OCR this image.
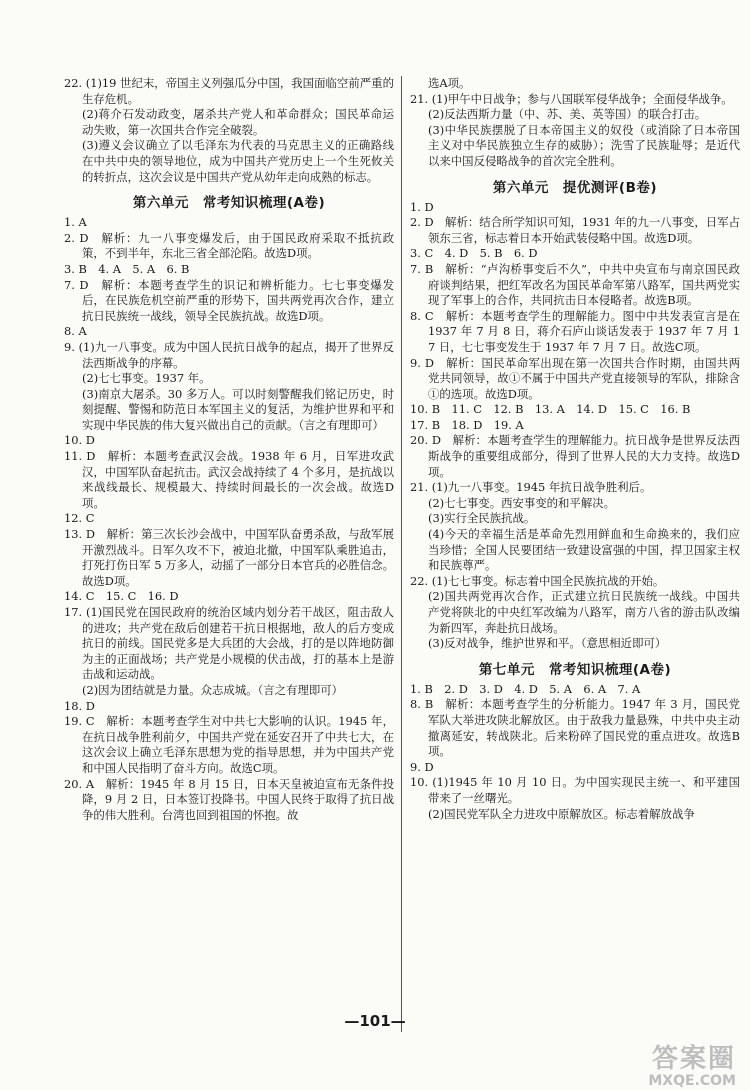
22. (1)19 世纪末，帝国主义列强瓜分中国，我国面临空前严重的生存危机。

(2)蒋介石发动政变，屠杀共产党人和革命群众；国民革命运动失败，第一次国共合作完全破裂。

(3)遵义会议确立了以毛泽东为代表的马克思主义的正确路线在中共中央的领导地位，成为中国共产党历史上一个生死攸关的转折点，这次会议是中国共产党从幼年走向成熟的标志。

第六单元　常考知识梳理(A卷)

1. A

2. D　解析：九一八事变爆发后，由于国民政府采取不抵抗政策，不到半年，东北三省全部沦陷。故选D项。

3. B　4. A　5. A　6. B

7. D　解析：本题考查学生的识记和辨析能力。七七事变爆发后，在民族危机空前严重的形势下，国共两党再次合作，建立抗日民族统一战线，领导全民族抗战。故选D项。

8. A

9. (1)九一八事变。成为中国人民抗日战争的起点，揭开了世界反法西斯战争的序幕。

(2)七七事变。1937 年。

(3)南京大屠杀。30 多万人。可以时刻警醒我们铭记历史，时刻提醒、警惕和防范日本军国主义的复活，为维护世界和平和实现中华民族的伟大复兴做出自己的贡献。（言之有理即可）

10. D

11. D　解析：本题考查武汉会战。1938 年 6 月，日军进攻武汉，中国军队奋起抗击。武汉会战持续了 4 个多月，是抗战以来战线最长、规模最大、持续时间最长的一次会战。故选D项。

12. C

13. D　解析：第三次长沙会战中，中国军队奋勇杀敌，与敌军展开激烈战斗。日军久攻不下，被迫北撤，中国军队乘胜追击，打死打伤日军 5 万多人，动摇了一部分日本官兵的必胜信念。故选D项。

14. C　15. C　16. D

17. (1)国民党在国民政府的统治区域内划分若干战区，阻击敌人的进攻；共产党在敌后创建若干抗日根据地，敌人的后方变成抗日的前线。国民党多是大兵团的大会战，打的是以阵地防御为主的正面战场；共产党是小规模的伏击战，打的基本上是游击战和运动战。

(2)因为团结就是力量。众志成城。（言之有理即可）

18. D

19. C　解析：本题考查学生对中共七大影响的认识。1945 年，在抗日战争胜利前夕，中国共产党在延安召开了中共七大，在这次会议上确立毛泽东思想为党的指导思想，并为中国共产党和中国人民指明了奋斗方向。故选C项。

20. A　解析：1945 年 8 月 15 日，日本天皇被迫宣布无条件投降，9 月 2 日，日本签订投降书。中国人民终于取得了抗日战争的伟大胜利。台湾也回到祖国的怀抱。故

选A项。

21. (1)甲午中日战争；参与八国联军侵华战争；全面侵华战争。

(2)反法西斯力量（中、苏、美、英等国）的联合打击。

(3)中华民族摆脱了日本帝国主义的奴役（或消除了日本帝国主义对中华民族独立生存的威胁）；洗雪了民族耻辱；是近代以来中国反侵略战争的首次完全胜利。

第六单元　提优测评(B卷)

1. D

2. D　解析：结合所学知识可知，1931 年的九一八事变，日军占领东三省，标志着日本开始武装侵略中国。故选D项。

3. C　4. D　5. B　6. D

7. B　解析：“卢沟桥事变后不久”，中共中央宣布与南京国民政府谈判结果，把红军改名为国民革命军第八路军，国共两党实现了军事上的合作，共同抗击日本侵略者。故选B项。

8. C　解析：本题考查学生的理解能力。图中中共发表宣言是在 1937 年 7 月 8 日，蒋介石庐山谈话发表于 1937 年 7 月 17 日，七七事变发生于 1937 年 7 月 7 日。故选C项。

9. D　解析：国民革命军出现在第一次国共合作时期，由国共两党共同领导，故①不属于中国共产党直接领导的军队，排除含①的选项。故选D项。

10. B　11. C　12. B　13. A　14. D　15. C　16. B

17. B　18. D　19. A

20. D　解析：本题考查学生的理解能力。抗日战争是世界反法西斯战争的重要组成部分，得到了世界人民的大力支持。故选D项。

21. (1)九一八事变。1945 年抗日战争胜利后。

(2)七七事变。西安事变的和平解决。

(3)实行全民族抗战。

(4)今天的幸福生活是革命先烈用鲜血和生命换来的，我们应当珍惜；全国人民要团结一致建设富强的中国，捍卫国家主权和民族尊严。

22. (1)七七事变。标志着中国全民族抗战的开始。

(2)国共两党再次合作，正式建立抗日民族统一战线。中国共产党将陕北的中央红军改编为八路军，南方八省的游击队改编为新四军，奔赴抗日战场。

(3)反对战争，维护世界和平。（意思相近即可）

第七单元　常考知识梳理(A卷)

1. B　2. D　3. D　4. D　5. A　6. A　7. A

8. B　解析：本题考查学生的分析能力。1947 年 3 月，国民党军队大举进攻陕北解放区。由于敌我力量悬殊，中共中央主动撤离延安，转战陕北。后来粉碎了国民党的重点进攻。故选B项。

9. D

10. (1)1945 年 10 月 10 日。为中国实现民主统一、和平建国带来了一丝曙光。

(2)国民党军队全力进攻中原解放区。标志着解放战争

—101—
答案圈
MXQE.COM
